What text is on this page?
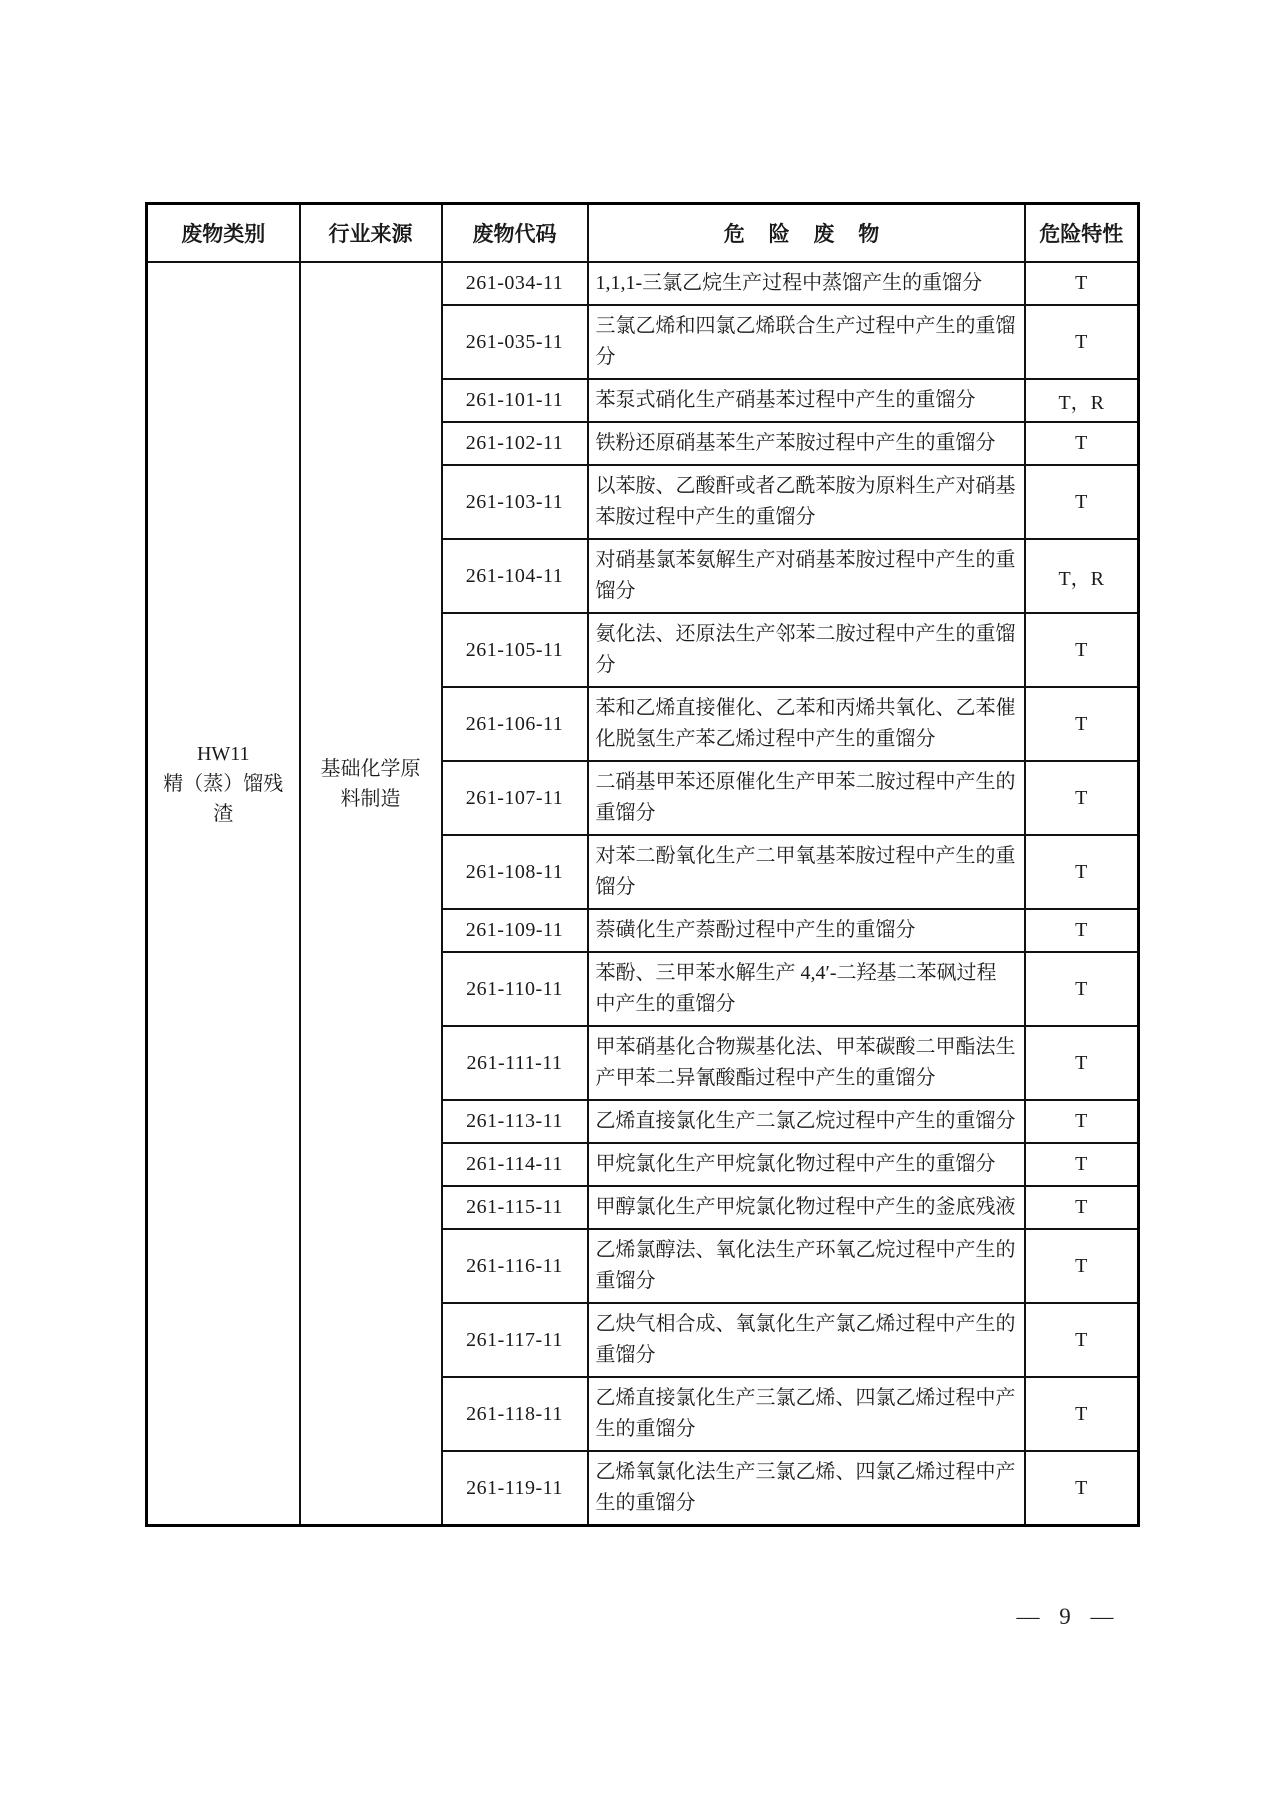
废物类别	行业来源	废物代码	危 险 废 物	危险特性

HW11
精（蒸）馏残渣	基础化学原料制造	261-034-11	1,1,1-三氯乙烷生产过程中蒸馏产生的重馏分	T
		261-035-11	三氯乙烯和四氯乙烯联合生产过程中产生的重馏分	T
		261-101-11	苯泵式硝化生产硝基苯过程中产生的重馏分	T，R
		261-102-11	铁粉还原硝基苯生产苯胺过程中产生的重馏分	T
		261-103-11	以苯胺、乙酸酐或者乙酰苯胺为原料生产对硝基苯胺过程中产生的重馏分	T
		261-104-11	对硝基氯苯氨解生产对硝基苯胺过程中产生的重馏分	T，R
		261-105-11	氨化法、还原法生产邻苯二胺过程中产生的重馏分	T
		261-106-11	苯和乙烯直接催化、乙苯和丙烯共氧化、乙苯催化脱氢生产苯乙烯过程中产生的重馏分	T
		261-107-11	二硝基甲苯还原催化生产甲苯二胺过程中产生的重馏分	T
		261-108-11	对苯二酚氧化生产二甲氧基苯胺过程中产生的重馏分	T
		261-109-11	萘磺化生产萘酚过程中产生的重馏分	T
		261-110-11	苯酚、三甲苯水解生产 4,4′-二羟基二苯砜过程中产生的重馏分	T
		261-111-11	甲苯硝基化合物羰基化法、甲苯碳酸二甲酯法生产甲苯二异氰酸酯过程中产生的重馏分	T
		261-113-11	乙烯直接氯化生产二氯乙烷过程中产生的重馏分	T
		261-114-11	甲烷氯化生产甲烷氯化物过程中产生的重馏分	T
		261-115-11	甲醇氯化生产甲烷氯化物过程中产生的釜底残液	T
		261-116-11	乙烯氯醇法、氧化法生产环氧乙烷过程中产生的重馏分	T
		261-117-11	乙炔气相合成、氧氯化生产氯乙烯过程中产生的重馏分	T
		261-118-11	乙烯直接氯化生产三氯乙烯、四氯乙烯过程中产生的重馏分	T
		261-119-11	乙烯氧氯化法生产三氯乙烯、四氯乙烯过程中产生的重馏分	T
— 9 —
